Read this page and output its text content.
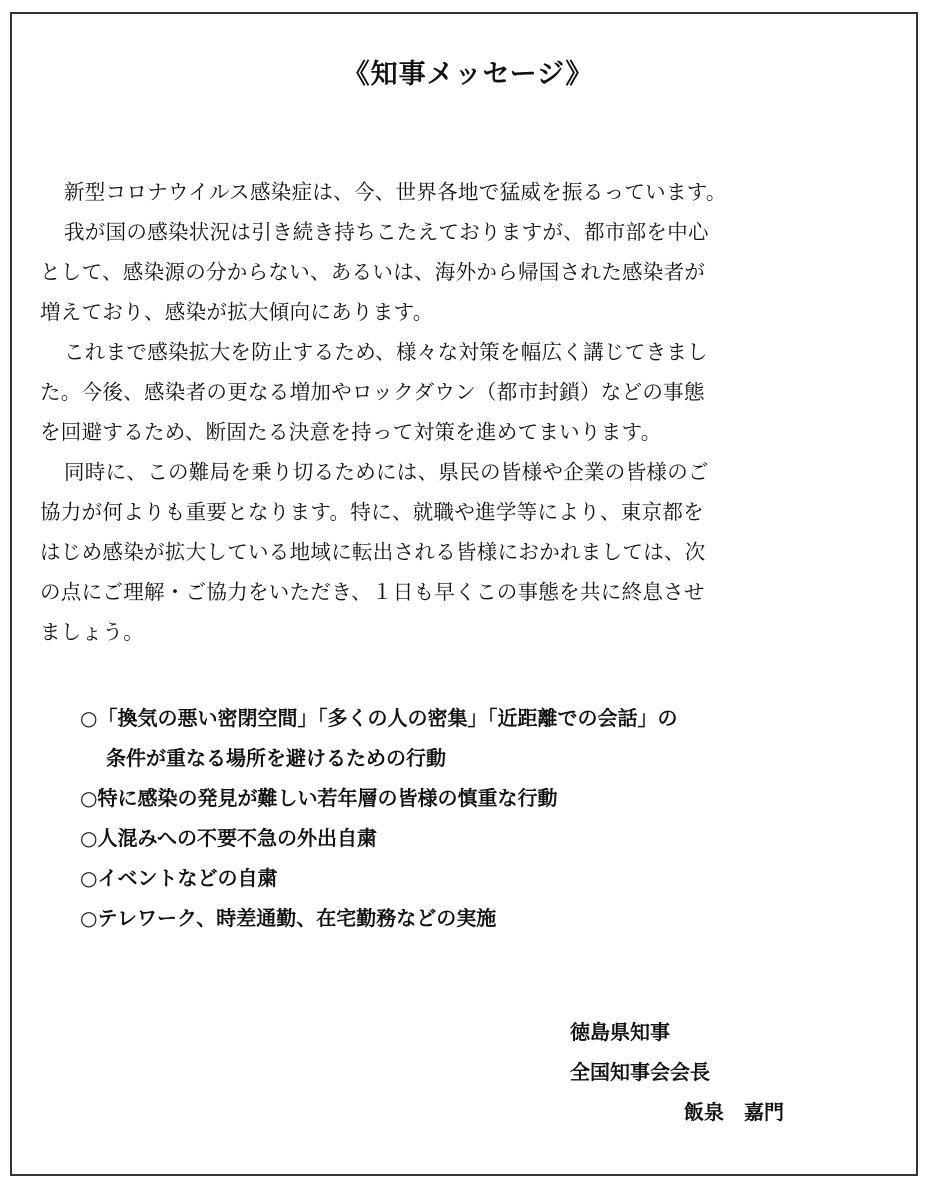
《知事メッセージ》
新型コロナウイルス感染症は、今、世界各地で猛威を振るっています。
我が国の感染状況は引き続き持ちこたえておりますが、都市部を中心
として、感染源の分からない、あるいは、海外から帰国された感染者が
増えており、感染が拡大傾向にあります。
これまで感染拡大を防止するため、様々な対策を幅広く講じてきまし
た。今後、感染者の更なる増加やロックダウン（都市封鎖）などの事態
を回避するため、断固たる決意を持って対策を進めてまいります。
同時に、この難局を乗り切るためには、県民の皆様や企業の皆様のご
協力が何よりも重要となります。特に、就職や進学等により、東京都を
はじめ感染が拡大している地域に転出される皆様におかれましては、次
の点にご理解・ご協力をいただき、１日も早くこの事態を共に終息させ
ましょう。
○「換気の悪い密閉空間」「多くの人の密集」「近距離での会話」の
条件が重なる場所を避けるための行動
○特に感染の発見が難しい若年層の皆様の慎重な行動
○人混みへの不要不急の外出自粛
○イベントなどの自粛
○テレワーク、時差通勤、在宅勤務などの実施
徳島県知事
全国知事会会長
飯泉　嘉門
